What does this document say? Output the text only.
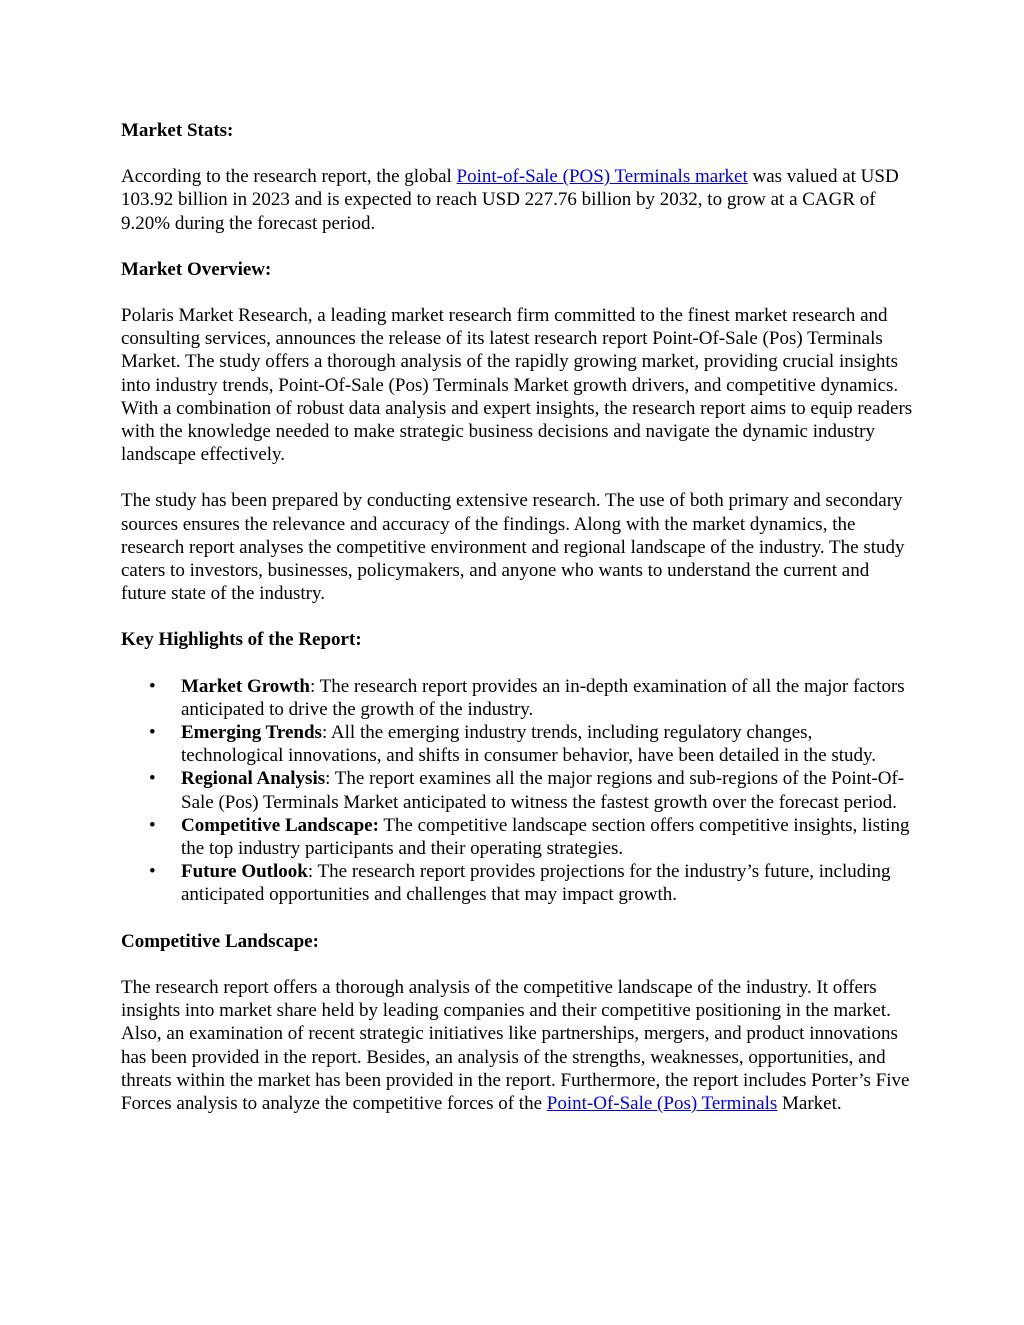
Market Stats:

According to the research report, the global Point-of-Sale (POS) Terminals market was valued at USD 103.92 billion in 2023 and is expected to reach USD 227.76 billion by 2032, to grow at a CAGR of 9.20% during the forecast period.

Market Overview:

Polaris Market Research, a leading market research firm committed to the finest market research and consulting services, announces the release of its latest research report Point-Of-Sale (Pos) Terminals Market. The study offers a thorough analysis of the rapidly growing market, providing crucial insights into industry trends, Point-Of-Sale (Pos) Terminals Market growth drivers, and competitive dynamics. With a combination of robust data analysis and expert insights, the research report aims to equip readers with the knowledge needed to make strategic business decisions and navigate the dynamic industry landscape effectively.

The study has been prepared by conducting extensive research. The use of both primary and secondary sources ensures the relevance and accuracy of the findings. Along with the market dynamics, the research report analyses the competitive environment and regional landscape of the industry. The study caters to investors, businesses, policymakers, and anyone who wants to understand the current and future state of the industry.

Key Highlights of the Report:
• Market Growth: The research report provides an in-depth examination of all the major factors anticipated to drive the growth of the industry.
• Emerging Trends: All the emerging industry trends, including regulatory changes, technological innovations, and shifts in consumer behavior, have been detailed in the study.
• Regional Analysis: The report examines all the major regions and sub-regions of the Point-Of-Sale (Pos) Terminals Market anticipated to witness the fastest growth over the forecast period.
• Competitive Landscape: The competitive landscape section offers competitive insights, listing the top industry participants and their operating strategies.
• Future Outlook: The research report provides projections for the industry’s future, including anticipated opportunities and challenges that may impact growth.
Competitive Landscape:

The research report offers a thorough analysis of the competitive landscape of the industry. It offers insights into market share held by leading companies and their competitive positioning in the market. Also, an examination of recent strategic initiatives like partnerships, mergers, and product innovations has been provided in the report. Besides, an analysis of the strengths, weaknesses, opportunities, and threats within the market has been provided in the report. Furthermore, the report includes Porter’s Five Forces analysis to analyze the competitive forces of the Point-Of-Sale (Pos) Terminals Market.
